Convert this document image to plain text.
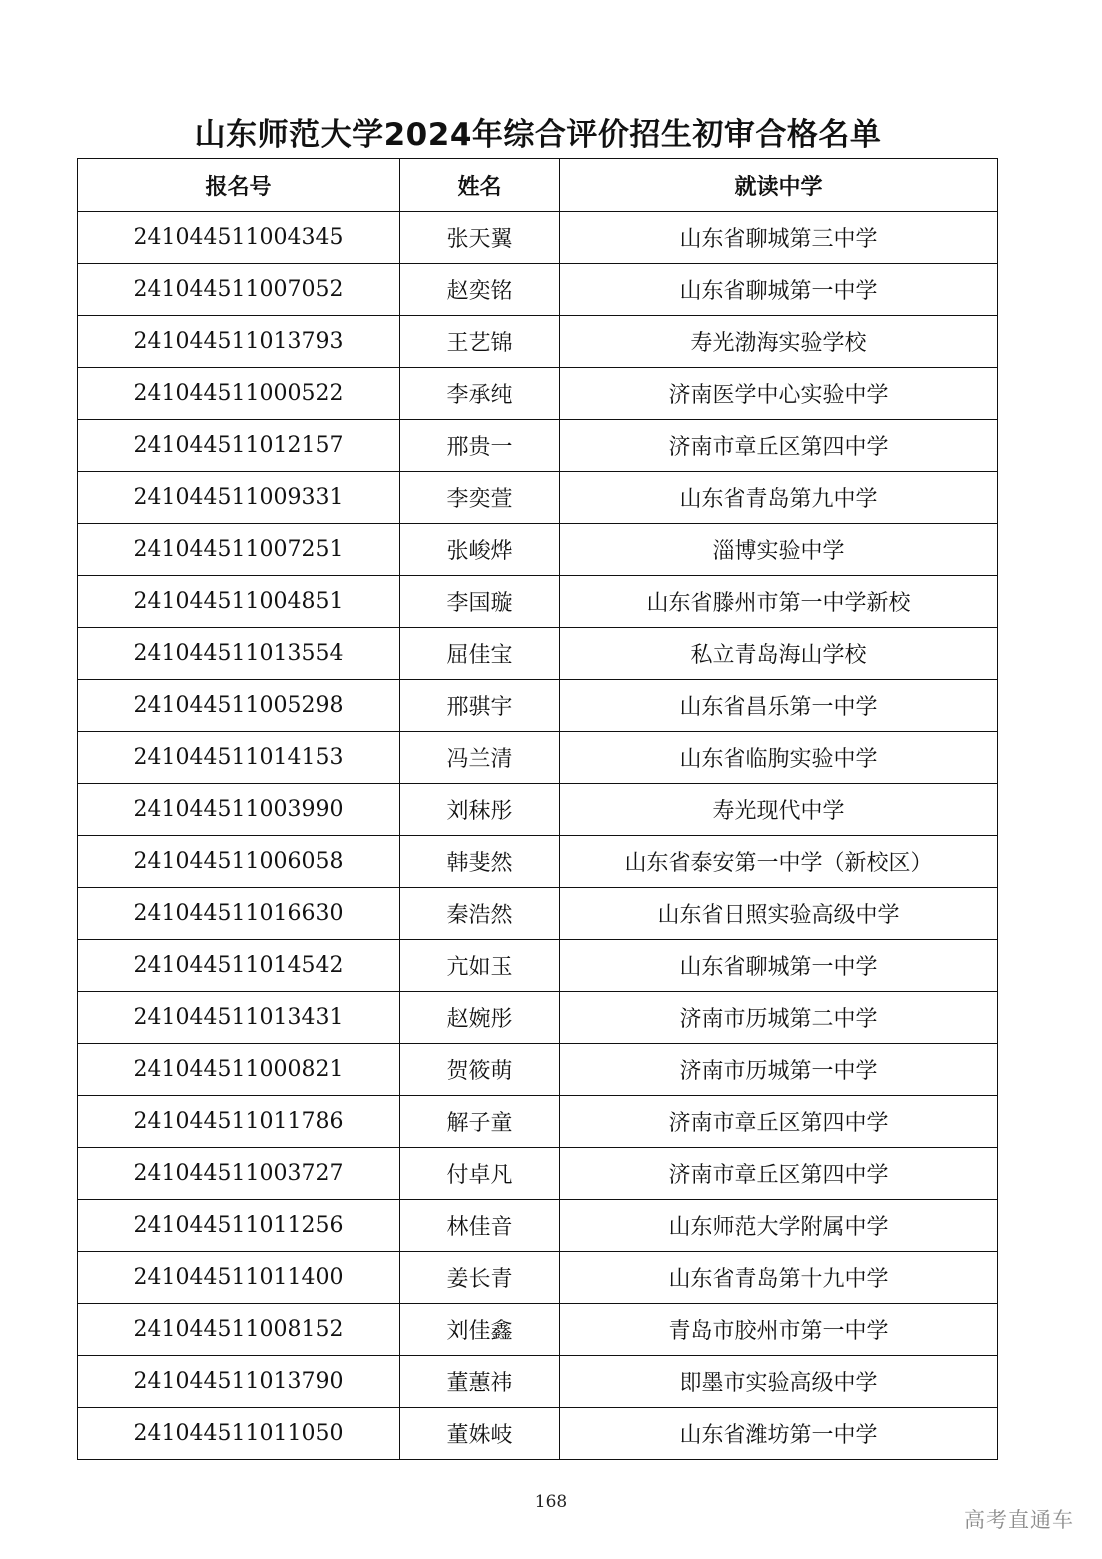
山东师范大学2024年综合评价招生初审合格名单
报名号	姓名	就读中学
241044511004345	张天翼	山东省聊城第三中学
241044511007052	赵奕铭	山东省聊城第一中学
241044511013793	王艺锦	寿光渤海实验学校
241044511000522	李承纯	济南医学中心实验中学
241044511012157	邢贵一	济南市章丘区第四中学
241044511009331	李奕萱	山东省青岛第九中学
241044511007251	张峻烨	淄博实验中学
241044511004851	李国璇	山东省滕州市第一中学新校
241044511013554	屈佳宝	私立青岛海山学校
241044511005298	邢骐宇	山东省昌乐第一中学
241044511014153	冯兰清	山东省临朐实验中学
241044511003990	刘秣彤	寿光现代中学
241044511006058	韩斐然	山东省泰安第一中学（新校区）
241044511016630	秦浩然	山东省日照实验高级中学
241044511014542	亢如玉	山东省聊城第一中学
241044511013431	赵婉彤	济南市历城第二中学
241044511000821	贺筱萌	济南市历城第一中学
241044511011786	解子童	济南市章丘区第四中学
241044511003727	付卓凡	济南市章丘区第四中学
241044511011256	林佳音	山东师范大学附属中学
241044511011400	姜长青	山东省青岛第十九中学
241044511008152	刘佳鑫	青岛市胶州市第一中学
241044511013790	董蕙祎	即墨市实验高级中学
241044511011050	董姝岐	山东省潍坊第一中学
168
高考直通车
